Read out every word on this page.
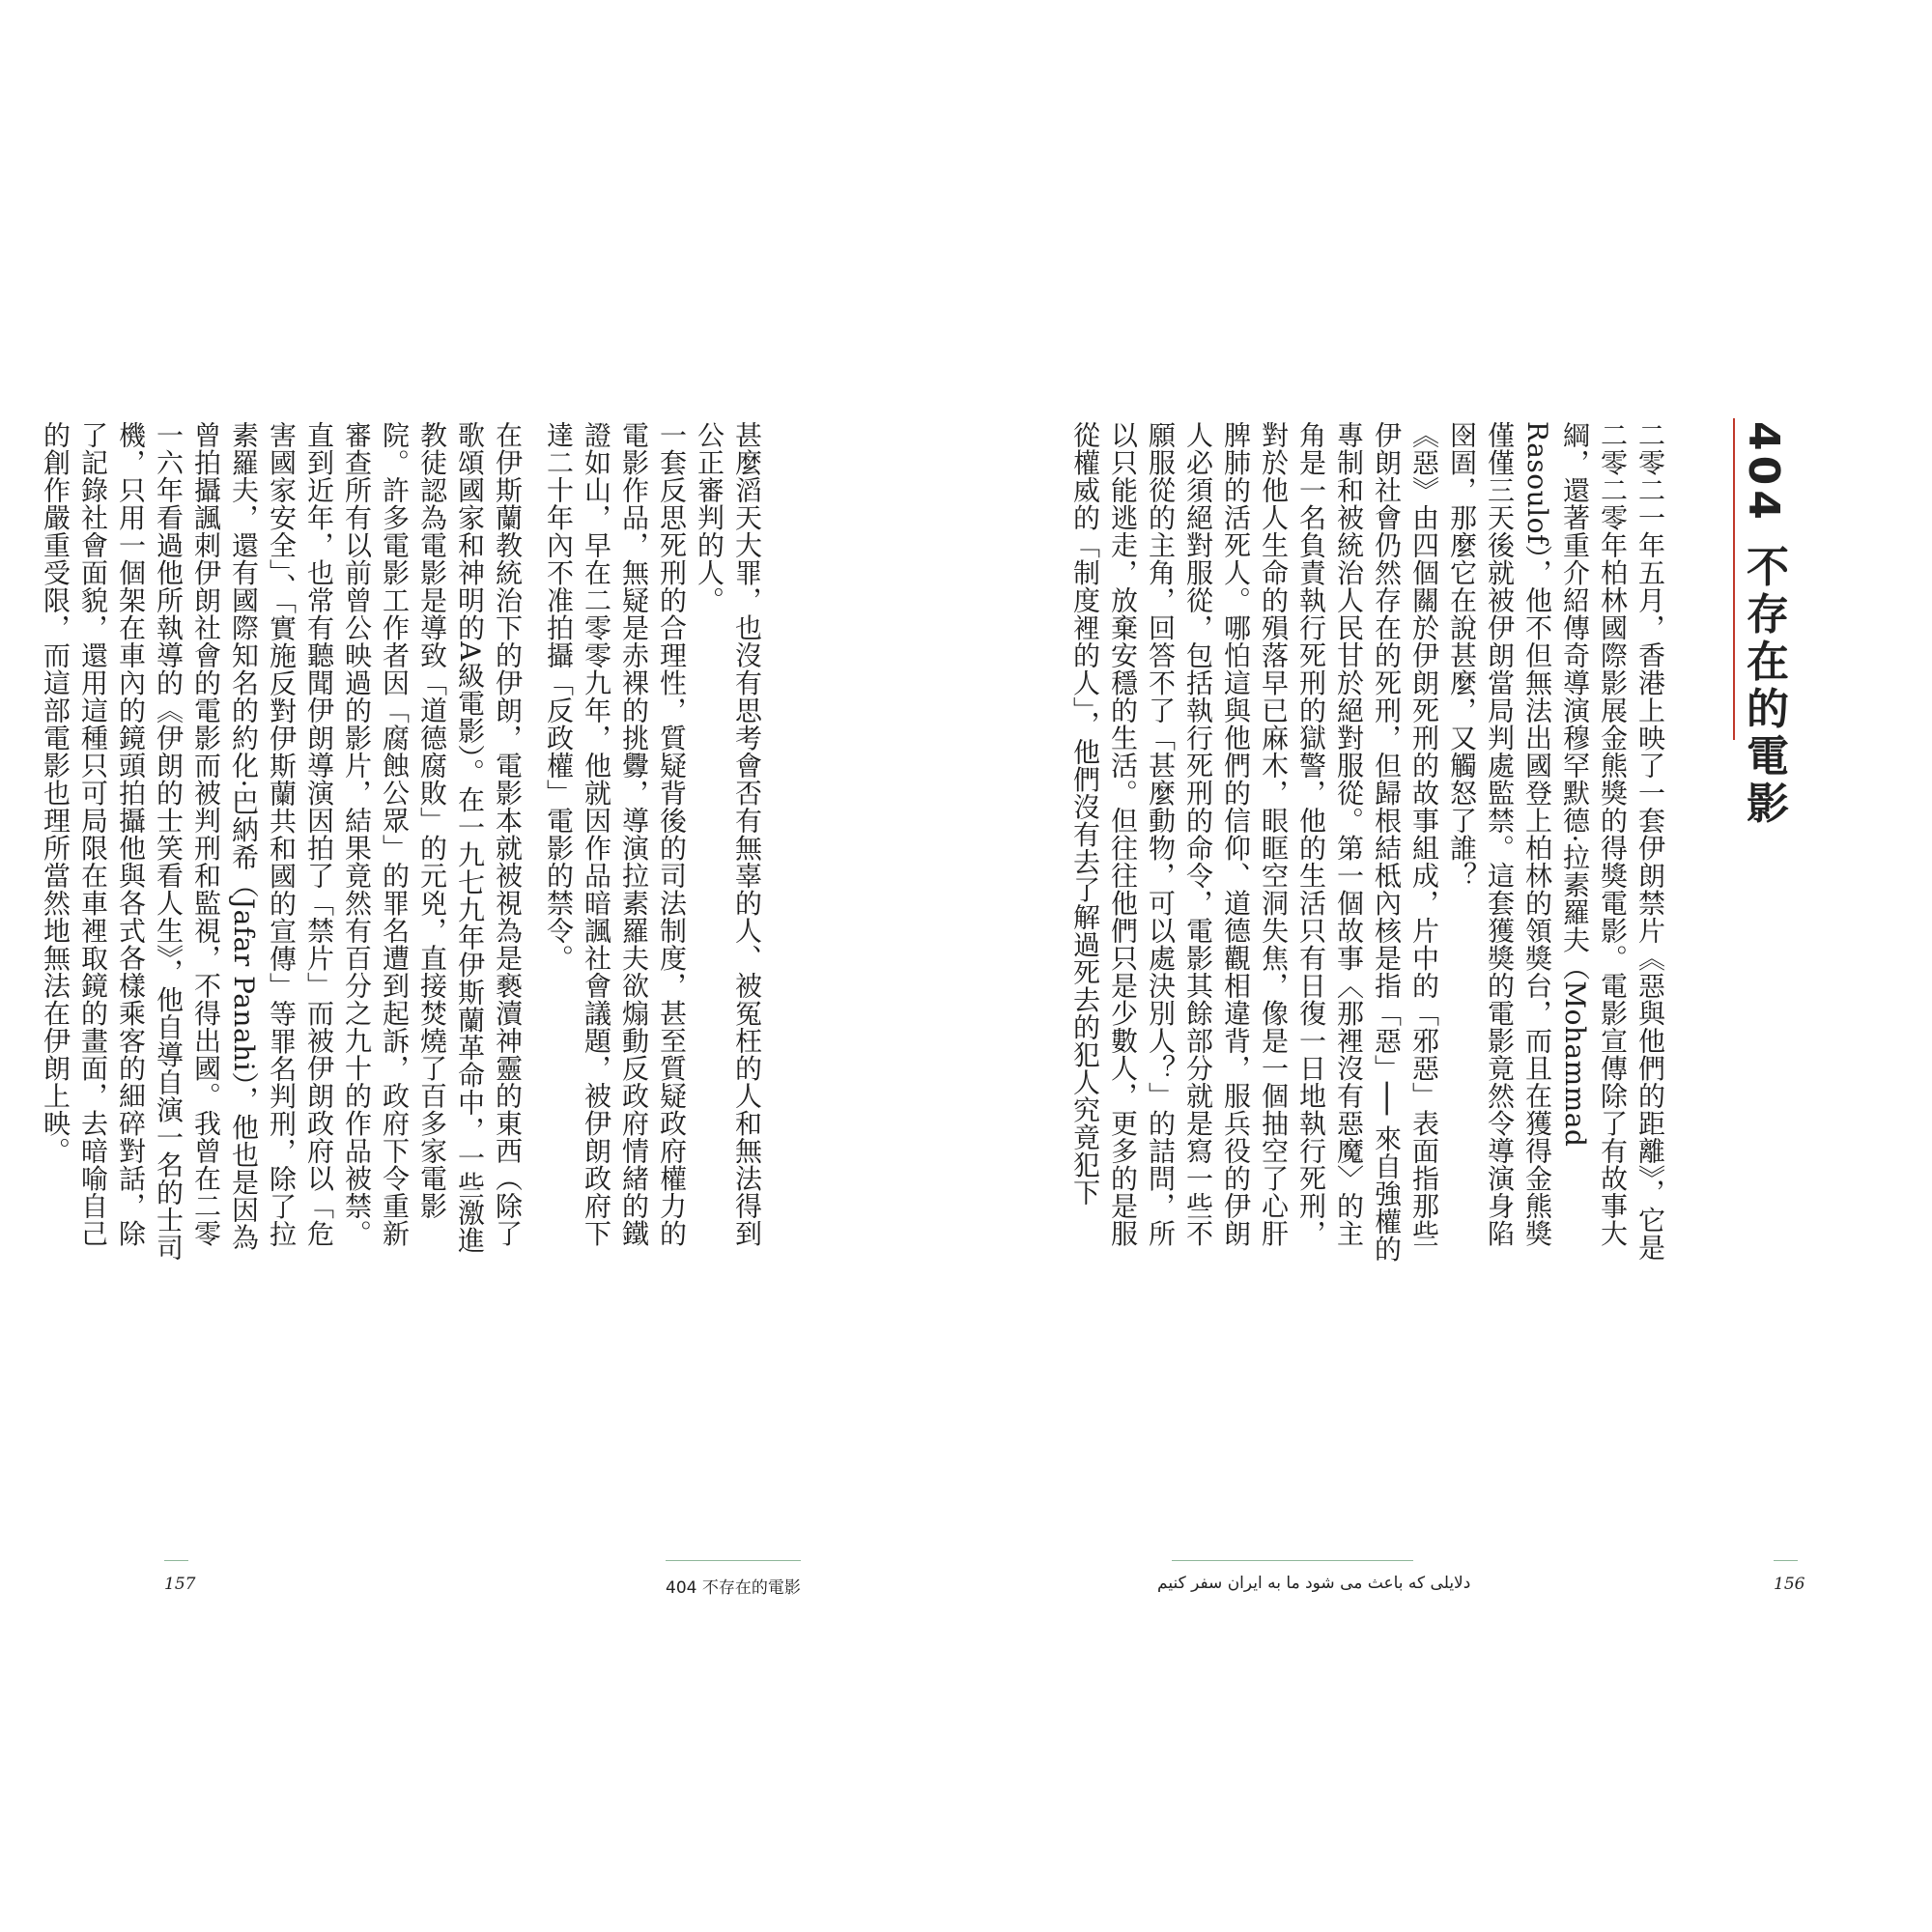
404 不存在的電影

二零二一年五月，香港上映了一套伊朗禁片《惡與他們的距離》，它是二零二零年柏林國際影展金熊獎的得獎電影。電影宣傳除了有故事大綱，還著重介紹傳奇導演穆罕默德·拉素羅夫（Mohammad Rasoulof），他不但無法出國登上柏林的領獎台，而且在獲得金熊獎僅僅三天後就被伊朗當局判處監禁。這套獲獎的電影竟然令導演身陷囹圄，那麼它在說甚麼，又觸怒了誰？

《惡》由四個關於伊朗死刑的故事組成，片中的「邪惡」表面指那些伊朗社會仍然存在的死刑，但歸根結柢內核是指「惡」── 來自強權的專制和被統治人民甘於絕對服從。第一個故事〈那裡沒有惡魔〉的主角是一名負責執行死刑的獄警，他的生活只有日復一日地執行死刑，對於他人生命的殞落早已麻木，眼眶空洞失焦，像是一個抽空了心肝脾肺的活死人。哪怕這與他們的信仰、道德觀相違背，服兵役的伊朗人必須絕對服從，包括執行死刑的命令，電影其餘部分就是寫一些不願服從的主角，回答不了「甚麼動物，可以處決別人？」的詰問，所以只能逃走，放棄安穩的生活。但往往他們只是少數人，更多的是服從權威的「制度裡的人」，他們沒有去了解過死去的犯人究竟犯下

دلایلی که باعث می شود ما به ایران سفر کنیم	156

甚麼滔天大罪，也沒有思考會否有無辜的人、被冤枉的人和無法得到公正審判的人。

一套反思死刑的合理性，質疑背後的司法制度，甚至質疑政府權力的電影作品，無疑是赤裸的挑釁，導演拉素羅夫欲煽動反政府情緒的鐵證如山，早在二零零九年，他就因作品暗諷社會議題，被伊朗政府下達二十年內不准拍攝「反政權」電影的禁令。

在伊斯蘭教統治下的伊朗，電影本就被視為是褻瀆神靈的東西（除了歌頌國家和神明的A級電影）。在一九七九年伊斯蘭革命中，一些激進教徒認為電影是導致「道德腐敗」的元兇，直接焚燒了百多家電影院。許多電影工作者因「腐蝕公眾」的罪名遭到起訴，政府下令重新審查所有以前曾公映過的影片，結果竟然有百分之九十的作品被禁。直到近年，也常有聽聞伊朗導演因拍了「禁片」而被伊朗政府以「危害國家安全」、「實施反對伊斯蘭共和國的宣傳」等罪名判刑，除了拉素羅夫，還有國際知名的約化·巴納希（Jafar Panahi），他也是因為曾拍攝諷刺伊朗社會的電影而被判刑和監視，不得出國。我曾在二零一六年看過他所執導的《伊朗的士笑看人生》，他自導自演一名的士司機，只用一個架在車內的鏡頭拍攝他與各式各樣乘客的細碎對話，除了記錄社會面貌，還用這種只可局限在車裡取鏡的畫面，去暗喻自己的創作嚴重受限，而這部電影也理所當然地無法在伊朗上映。

157	404 不存在的電影
